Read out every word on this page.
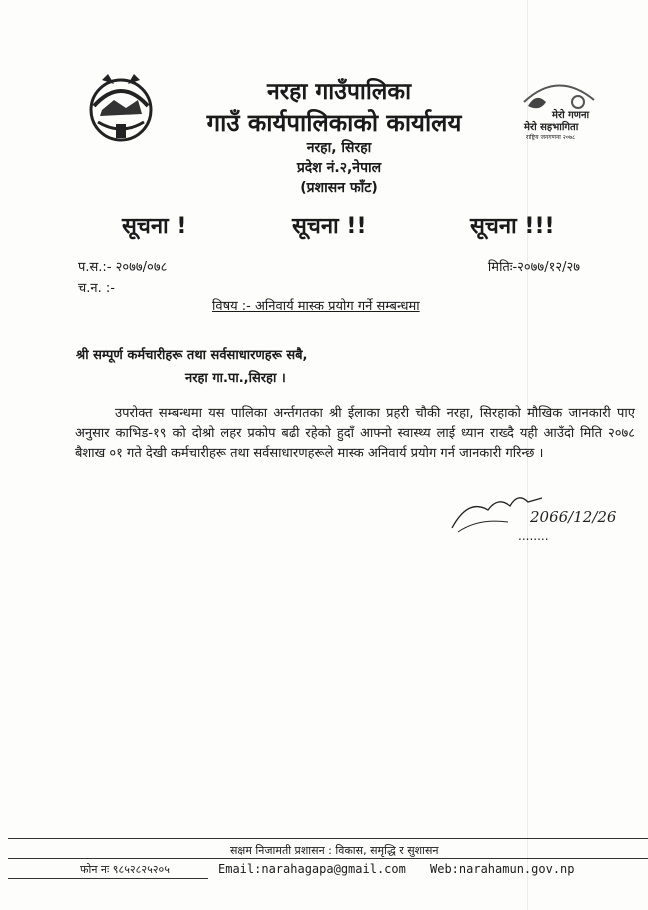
मेरो गणना
मेरो सहभागिता
राष्ट्रिय जनगणना २०७८
नरहा गाउँपालिका
गाउँ कार्यपालिकाको कार्यालय
नरहा, सिरहा
प्रदेश नं.२,नेपाल
(प्रशासन फाँट)
सूचना !	सूचना !!	सूचना !!!
प.स.:- २०७७/०७८
च.न. :-
मितिः-२०७७/१२/२७
विषय :- अनिवार्य मास्क प्रयोग गर्ने सम्बन्धमा
श्री सम्पूर्ण कर्मचारीहरू तथा सर्वसाधारणहरू सबै,
नरहा गा.पा.,सिरहा ।
उपरोक्त सम्बन्धमा यस पालिका अर्न्तगतका श्री ईलाका प्रहरी चौकी नरहा, सिरहाको मौखिक जानकारी पाए अनुसार काभिड-१९ को दोश्रो लहर प्रकोप बढी रहेको हुदाँ आफ्नो स्वास्थ्य लाई ध्यान राख्दै यही आउँदो मिति २०७८ बैशाख ०१ गते देखी कर्मचारीहरू तथा सर्वसाधारणहरूले मास्क अनिवार्य प्रयोग गर्न जानकारी गरिन्छ ।
2066/12/26
........
सक्षम निजामती प्रशासन : विकास, समृद्धि र सुशासन
फोन नः ९८५२८२५२०५	Email:narahagapa@gmail.com Web:narahamun.gov.np
